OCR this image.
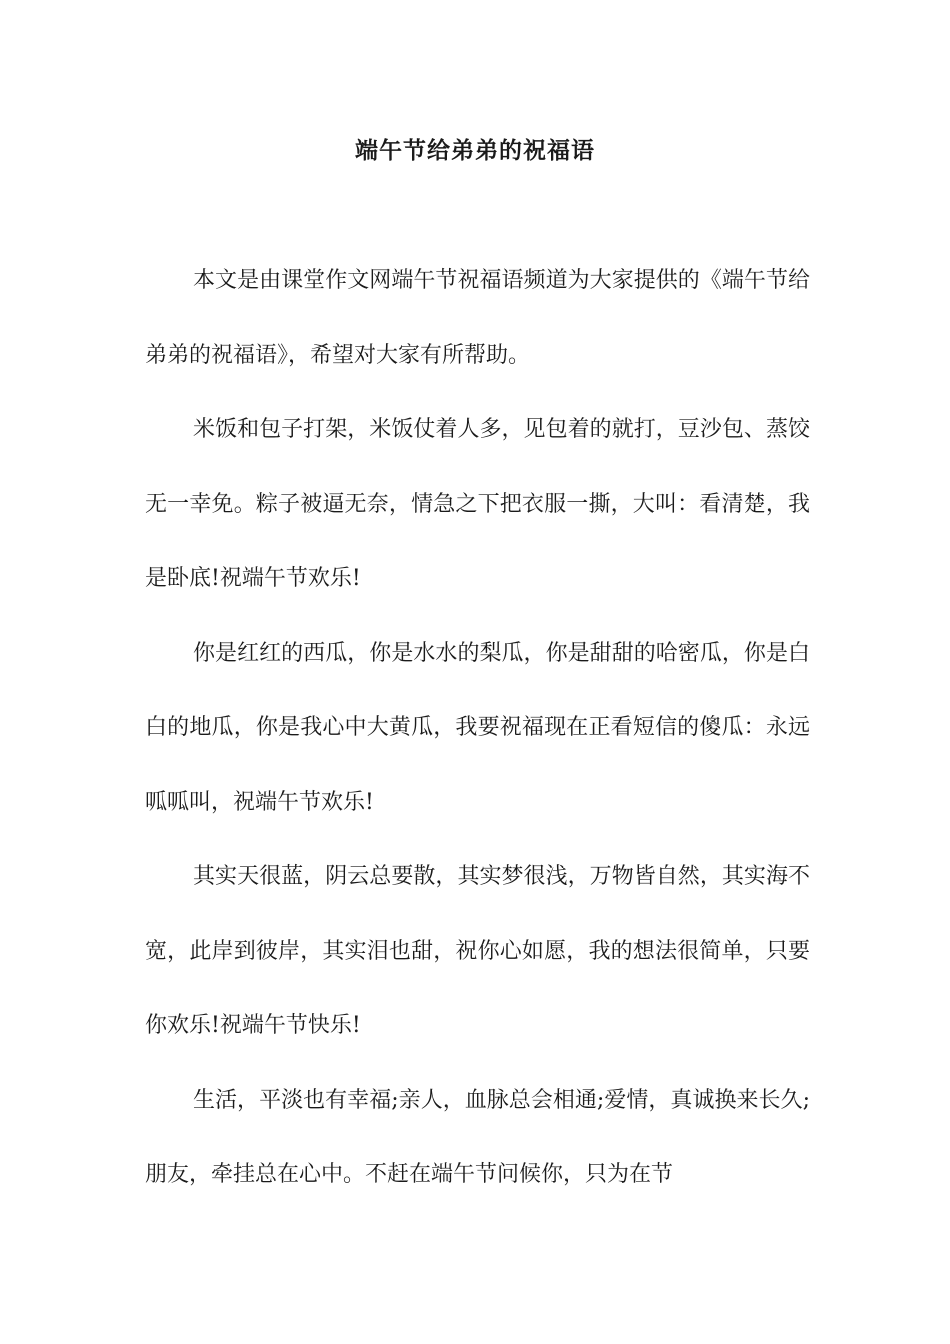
端午节给弟弟的祝福语

本文是由课堂作文网端午节祝福语频道为大家提供的《端午节给弟弟的祝福语》，希望对大家有所帮助。

米饭和包子打架，米饭仗着人多，见包着的就打，豆沙包、蒸饺无一幸免。粽子被逼无奈，情急之下把衣服一撕，大叫：看清楚，我是卧底!祝端午节欢乐!

你是红红的西瓜，你是水水的梨瓜，你是甜甜的哈密瓜，你是白白的地瓜，你是我心中大黄瓜，我要祝福现在正看短信的傻瓜：永远呱呱叫，祝端午节欢乐!

其实天很蓝，阴云总要散，其实梦很浅，万物皆自然，其实海不宽，此岸到彼岸，其实泪也甜，祝你心如愿，我的想法很简单，只要你欢乐!祝端午节快乐!

生活，平淡也有幸福;亲人，血脉总会相通;爱情，真诚换来长久;朋友，牵挂总在心中。不赶在端午节问候你，只为在节
